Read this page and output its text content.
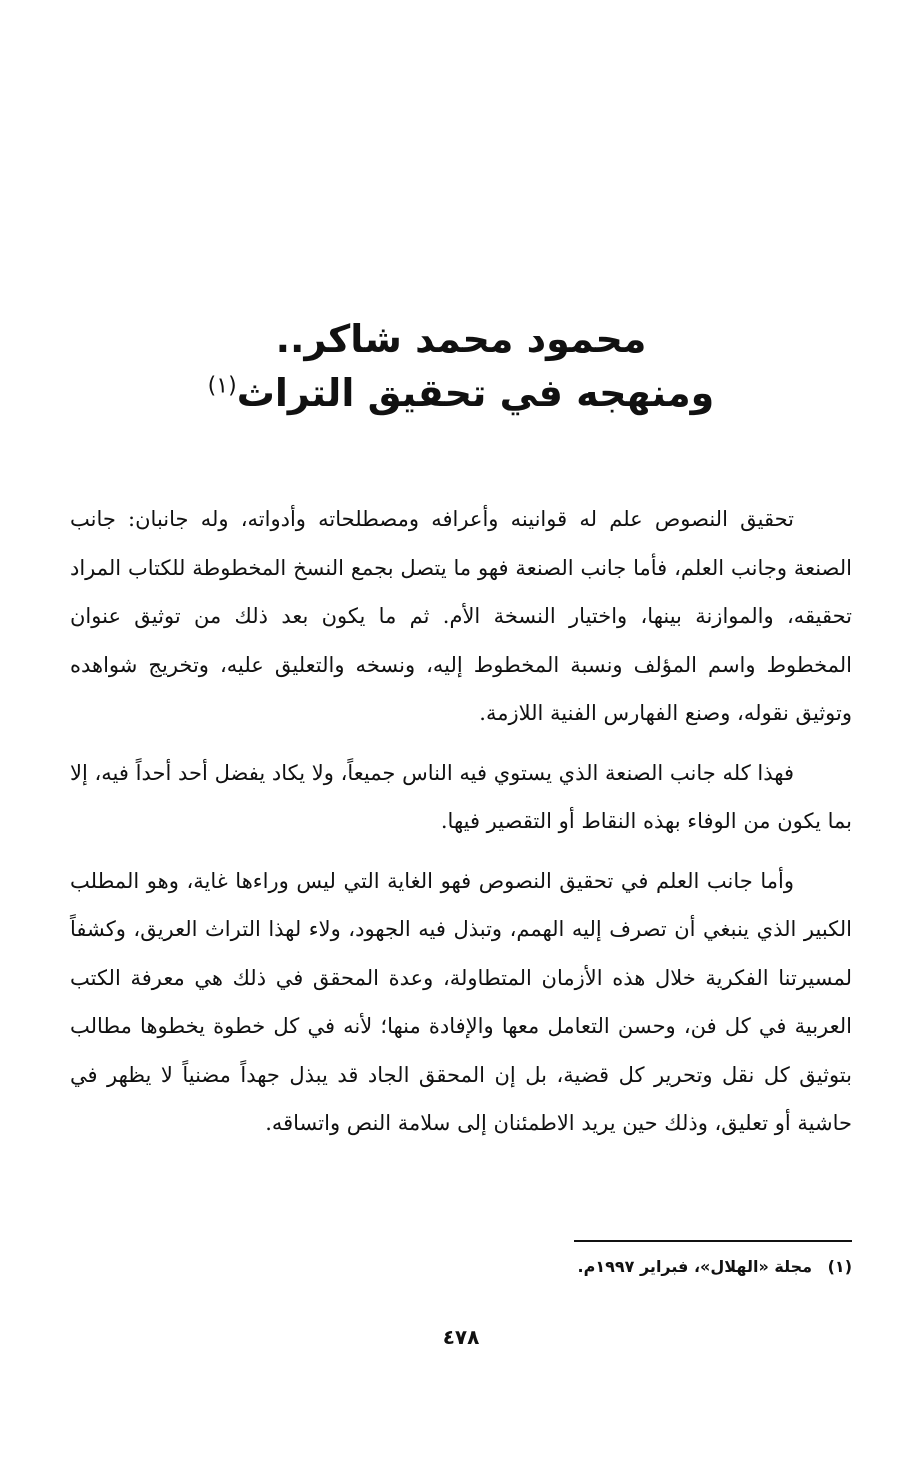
محمود محمد شاكر..
ومنهجه في تحقيق التراث$^{(١)}$

تحقيق النصوص علم له قوانينه وأعرافه ومصطلحاته وأدواته، وله جانبان: جانب الصنعة وجانب العلم، فأما جانب الصنعة فهو ما يتصل بجمع النسخ المخطوطة للكتاب المراد تحقيقه، والموازنة بينها، واختيار النسخة الأم. ثم ما يكون بعد ذلك من توثيق عنوان المخطوط واسم المؤلف ونسبة المخطوط إليه، ونسخه والتعليق عليه، وتخريج شواهده وتوثيق نقوله، وصنع الفهارس الفنية اللازمة.

فهذا كله جانب الصنعة الذي يستوي فيه الناس جميعاً، ولا يكاد يفضل أحد أحداً فيه، إلا بما يكون من الوفاء بهذه النقاط أو التقصير فيها.

وأما جانب العلم في تحقيق النصوص فهو الغاية التي ليس وراءها غاية، وهو المطلب الكبير الذي ينبغي أن تصرف إليه الهمم، وتبذل فيه الجهود، ولاء لهذا التراث العريق، وكشفاً لمسيرتنا الفكرية خلال هذه الأزمان المتطاولة، وعدة المحقق في ذلك هي معرفة الكتب العربية في كل فن، وحسن التعامل معها والإفادة منها؛ لأنه في كل خطوة يخطوها مطالب بتوثيق كل نقل وتحرير كل قضية، بل إن المحقق الجاد قد يبذل جهداً مضنياً لا يظهر في حاشية أو تعليق، وذلك حين يريد الاطمئنان إلى سلامة النص واتساقه.

(١) مجلة «الهلال»، فبراير ١٩٩٧م.
٤٧٨
